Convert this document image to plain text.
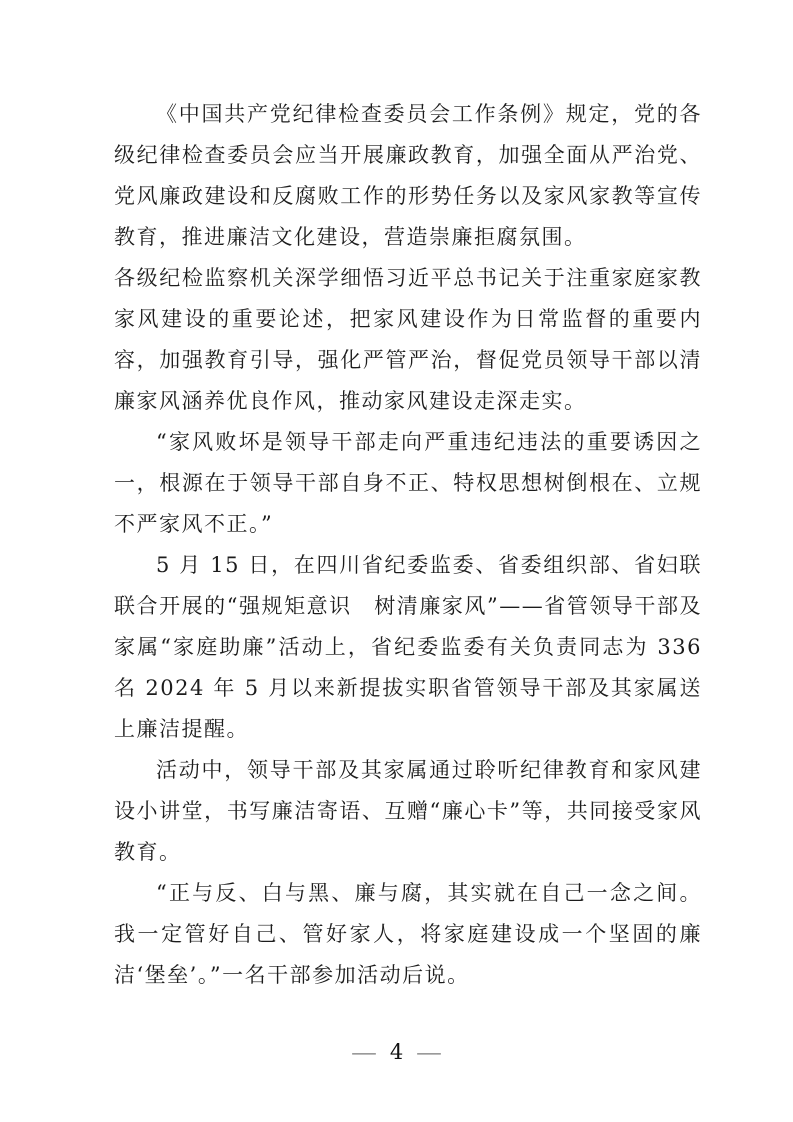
《中国共产党纪律检查委员会工作条例》规定，党的各级纪律检查委员会应当开展廉政教育，加强全面从严治党、党风廉政建设和反腐败工作的形势任务以及家风家教等宣传教育，推进廉洁文化建设，营造崇廉拒腐氛围。

各级纪检监察机关深学细悟习近平总书记关于注重家庭家教家风建设的重要论述，把家风建设作为日常监督的重要内容，加强教育引导，强化严管严治，督促党员领导干部以清廉家风涵养优良作风，推动家风建设走深走实。

“家风败坏是领导干部走向严重违纪违法的重要诱因之一，根源在于领导干部自身不正、特权思想树倒根在、立规不严家风不正。”

5 月 15 日，在四川省纪委监委、省委组织部、省妇联联合开展的“强规矩意识　树清廉家风”——省管领导干部及家属“家庭助廉”活动上，省纪委监委有关负责同志为 336 名 2024 年 5 月以来新提拔实职省管领导干部及其家属送上廉洁提醒。

活动中，领导干部及其家属通过聆听纪律教育和家风建设小讲堂，书写廉洁寄语、互赠“廉心卡”等，共同接受家风教育。

“正与反、白与黑、廉与腐，其实就在自己一念之间。我一定管好自己、管好家人，将家庭建设成一个坚固的廉洁‘堡垒’。”一名干部参加活动后说。

— 4 —
